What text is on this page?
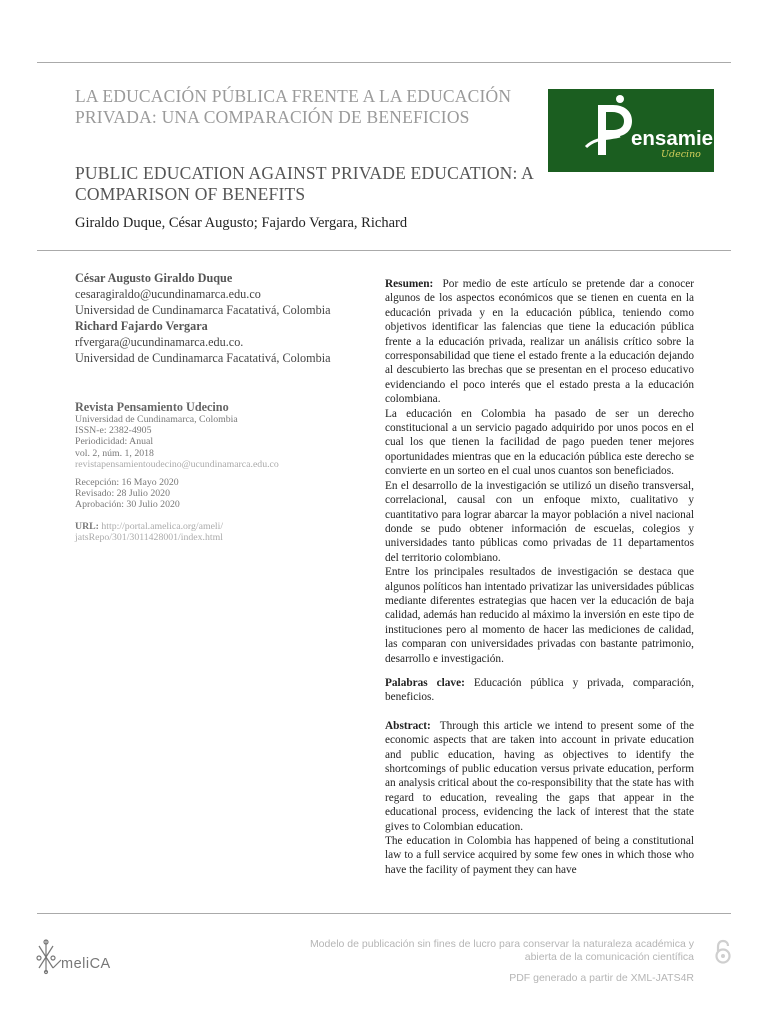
LA EDUCACIÓN PÚBLICA FRENTE A LA EDUCACIÓN PRIVADA: UNA COMPARACIÓN DE BENEFICIOS
PUBLIC EDUCATION AGAINST PRIVADE EDUCATION: A COMPARISON OF BENEFITS
Giraldo Duque, César Augusto; Fajardo Vergara, Richard
ensamiento
Udecino
César Augusto Giraldo Duque
cesaragiraldo@ucundinamarca.edu.co
Universidad de Cundinamarca Facatativá, Colombia
Richard Fajardo Vergara
rfvergara@ucundinamarca.edu.co.
Universidad de Cundinamarca Facatativá, Colombia
Revista Pensamiento Udecino
Universidad de Cundinamarca, Colombia
ISSN-e: 2382-4905
Periodicidad: Anual
vol. 2, núm. 1, 2018
revistapensamientoudecino@ucundinamarca.edu.co
Recepción: 16 Mayo 2020
Revisado: 28 Julio 2020
Aprobación: 30 Julio 2020
URL: http://portal.amelica.org/ameli/
jatsRepo/301/3011428001/index.html

Resumen: Por medio de este artículo se pretende dar a conocer algunos de los aspectos económicos que se tienen en cuenta en la educación privada y en la educación pública, teniendo como objetivos identificar las falencias que tiene la educación pública frente a la educación privada, realizar un análisis crítico sobre la corresponsabilidad que tiene el estado frente a la educación dejando al descubierto las brechas que se presentan en el proceso educativo evidenciando el poco interés que el estado presta a la educación colombiana.

La educación en Colombia ha pasado de ser un derecho constitucional a un servicio pagado adquirido por unos pocos en el cual los que tienen la facilidad de pago pueden tener mejores oportunidades mientras que en la educación pública este derecho se convierte en un sorteo en el cual unos cuantos son beneficiados.

En el desarrollo de la investigación se utilizó un diseño transversal, correlacional, causal con un enfoque mixto, cualitativo y cuantitativo para lograr abarcar la mayor población a nivel nacional donde se pudo obtener información de escuelas, colegios y universidades tanto públicas como privadas de 11 departamentos del territorio colombiano.

Entre los principales resultados de investigación se destaca que algunos políticos han intentado privatizar las universidades públicas mediante diferentes estrategias que hacen ver la educación de baja calidad, además han reducido al máximo la inversión en este tipo de instituciones pero al momento de hacer las mediciones de calidad, las comparan con universidades privadas con bastante patrimonio, desarrollo e investigación.

Palabras clave: Educación pública y privada, comparación, beneficios.

Abstract: Through this article we intend to present some of the economic aspects that are taken into account in private education and public education, having as objectives to identify the shortcomings of public education versus private education, perform an analysis critical about the co-responsibility that the state has with regard to education, revealing the gaps that appear in the educational process, evidencing the lack of interest that the state gives to Colombian education.

The education in Colombia has happened of being a constitutional law to a full service acquired by some few ones in which those who have the facility of payment they can have

meliCA
Modelo de publicación sin fines de lucro para conservar la naturaleza académica y
abierta de la comunicación científica
PDF generado a partir de XML-JATS4R
